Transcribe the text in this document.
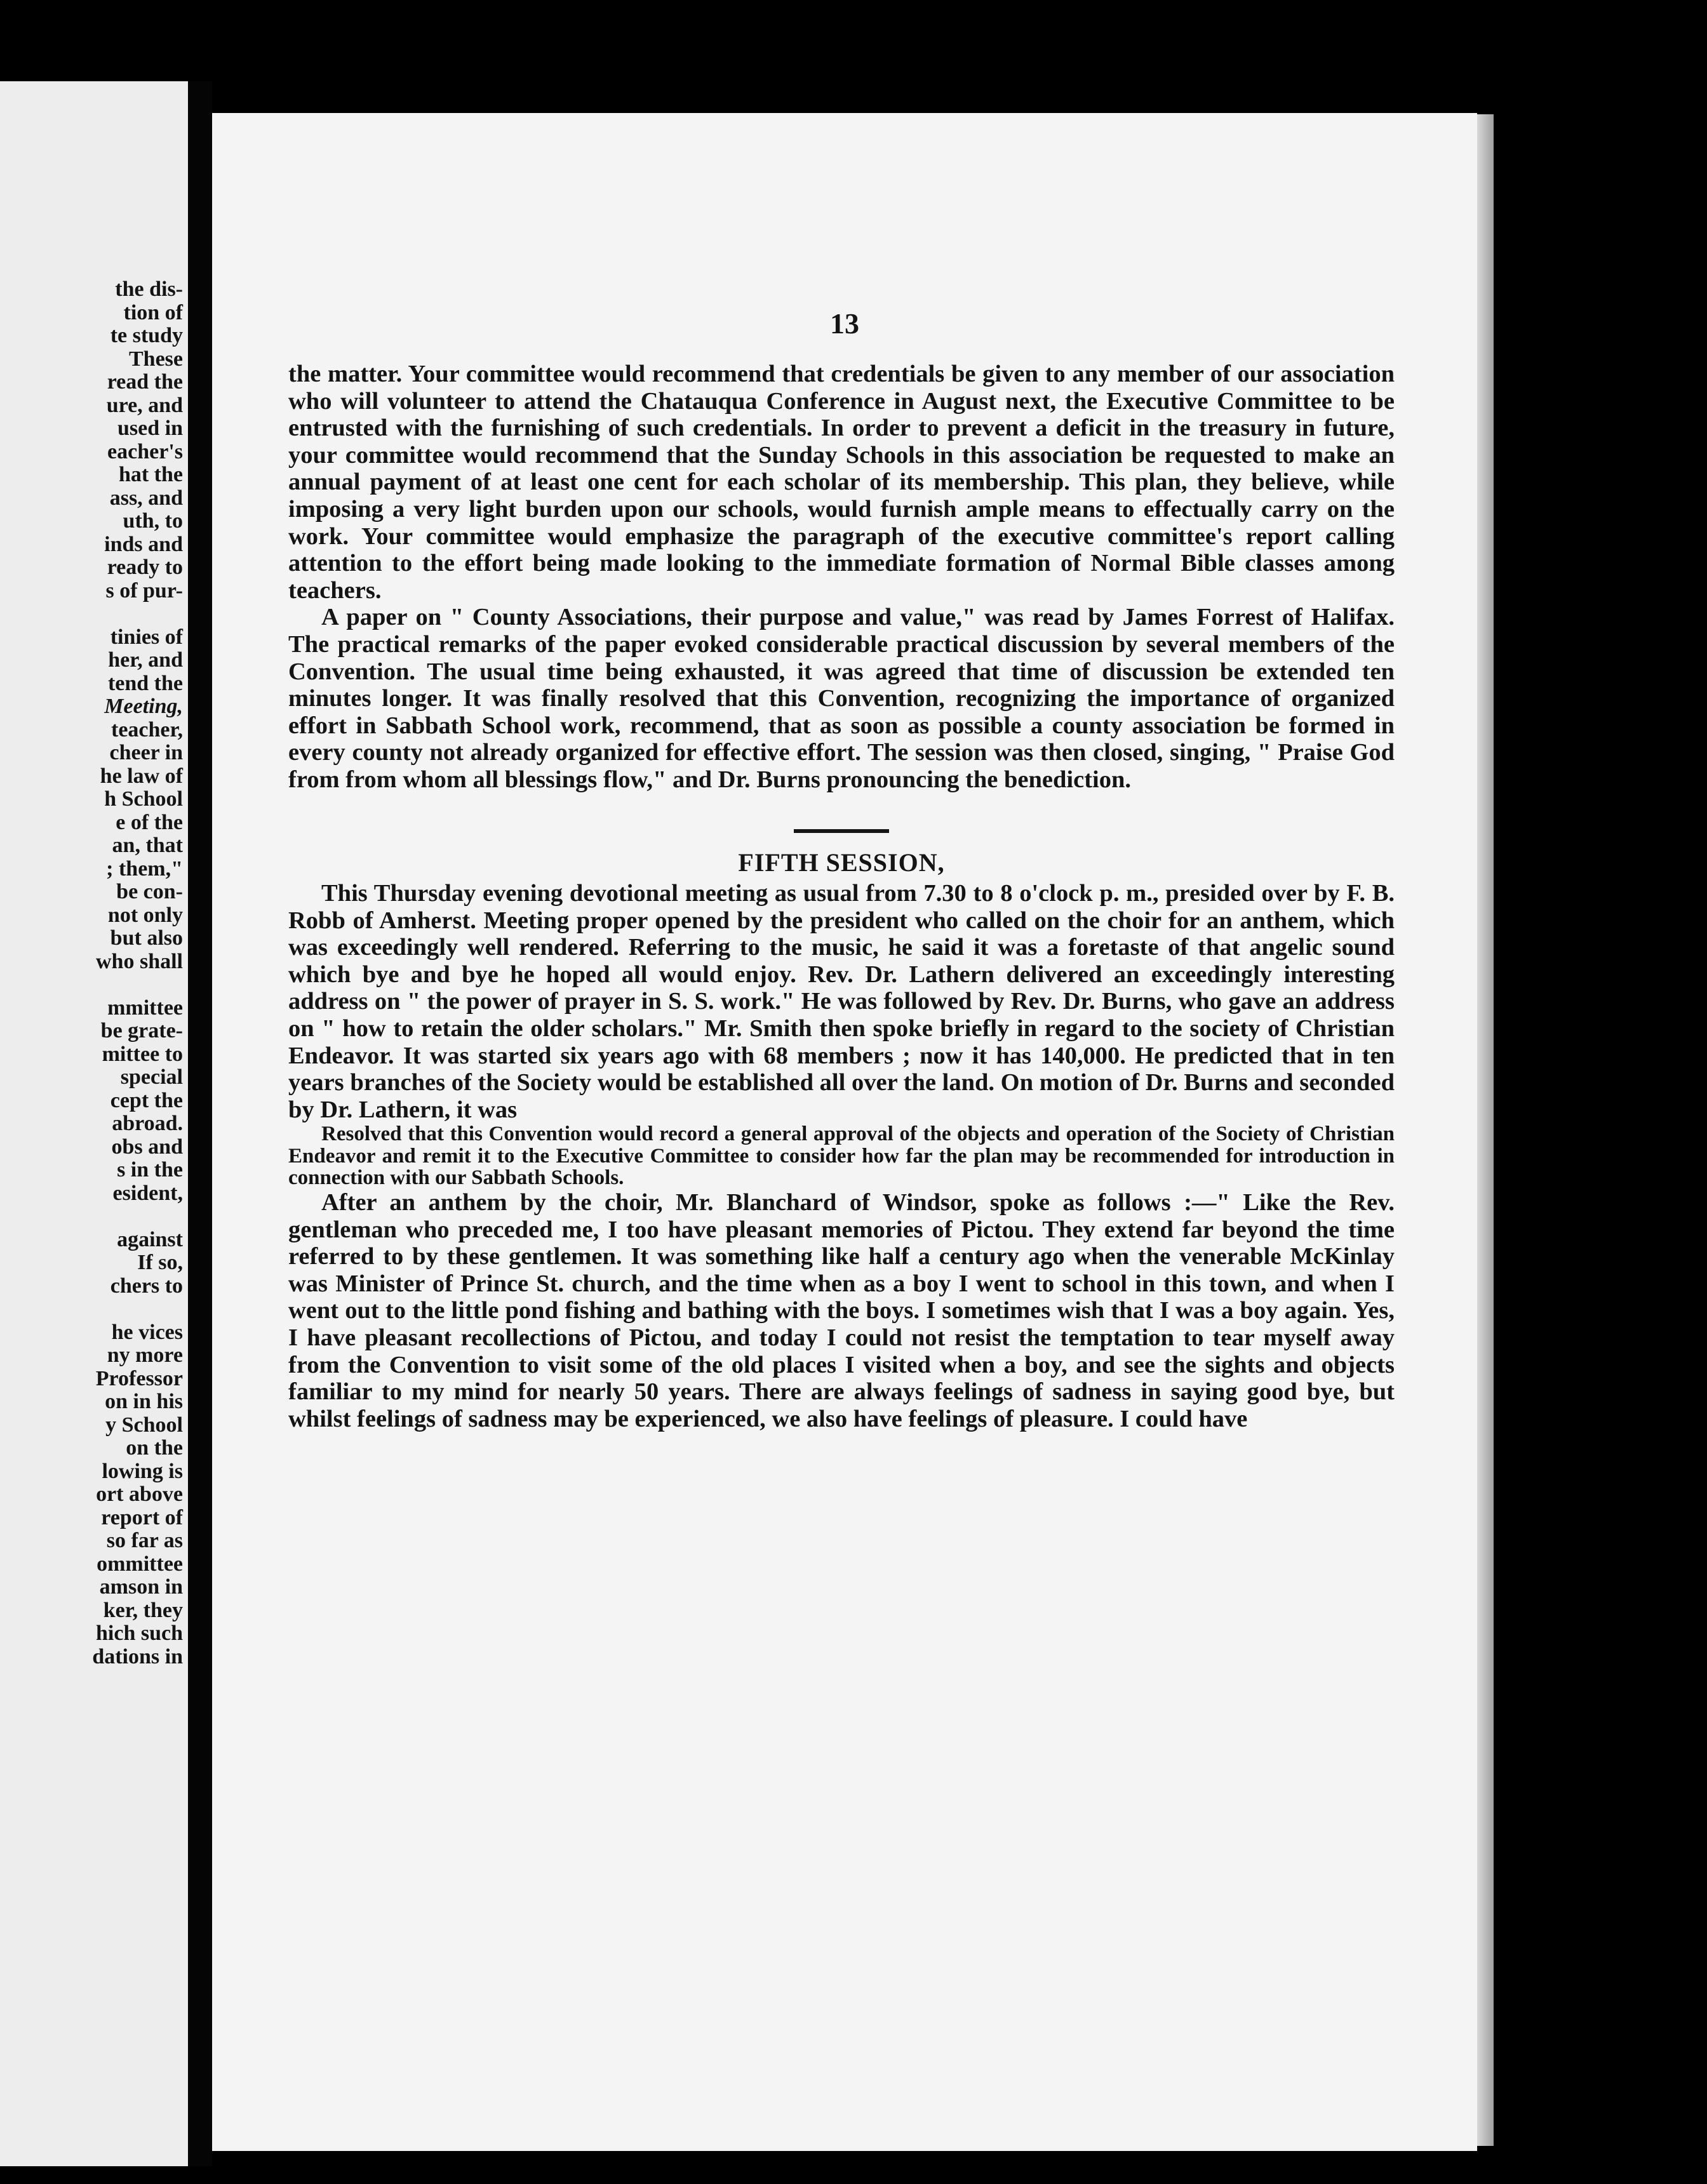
the dis-
tion of
te study
These
read the
ure, and
used in
eacher's
hat the
ass, and
uth, to
inds and
ready to
s of pur-
tinies of
her, and
tend the
Meeting,
teacher,
cheer in
he law of
h School
e of the
an, that
; them,"
be con-
not only
but also
who shall
mmittee
be grate-
mittee to
special
cept the
abroad.
obs and
s in the
esident,
against
If so,
chers to
he vices
ny more
Professor
on in his
y School
on the
lowing is
ort above
report of
so far as
ommittee
amson in
ker, they
hich such
dations in
13

the matter. Your committee would recommend that credentials be given to any member of our association who will volunteer to attend the Chatauqua Conference in August next, the Executive Committee to be entrusted with the furnishing of such credentials. In order to prevent a deficit in the treasury in future, your committee would recommend that the Sunday Schools in this association be requested to make an annual payment of at least one cent for each scholar of its membership. This plan, they believe, while imposing a very light burden upon our schools, would furnish ample means to effectually carry on the work. Your committee would emphasize the paragraph of the executive committee's report calling attention to the effort being made looking to the immediate formation of Normal Bible classes among teachers.

A paper on " County Associations, their purpose and value," was read by James Forrest of Halifax. The practical remarks of the paper evoked considerable practical discussion by several members of the Convention. The usual time being exhausted, it was agreed that time of discussion be extended ten minutes longer. It was finally resolved that this Convention, recognizing the importance of organized effort in Sabbath School work, recommend, that as soon as possible a county association be formed in every county not already organized for effective effort. The session was then closed, singing, " Praise God from from whom all blessings flow," and Dr. Burns pronouncing the benediction.

FIFTH SESSION,

This Thursday evening devotional meeting as usual from 7.30 to 8 o'clock p. m., presided over by F. B. Robb of Amherst. Meeting proper opened by the president who called on the choir for an anthem, which was exceedingly well rendered. Referring to the music, he said it was a foretaste of that angelic sound which bye and bye he hoped all would enjoy. Rev. Dr. Lathern delivered an exceedingly interesting address on " the power of prayer in S. S. work." He was followed by Rev. Dr. Burns, who gave an address on " how to retain the older scholars." Mr. Smith then spoke briefly in regard to the society of Christian Endeavor. It was started six years ago with 68 members ; now it has 140,000. He predicted that in ten years branches of the Society would be established all over the land. On motion of Dr. Burns and seconded by Dr. Lathern, it was

Resolved that this Convention would record a general approval of the objects and operation of the Society of Christian Endeavor and remit it to the Executive Committee to consider how far the plan may be recommended for introduction in connection with our Sabbath Schools.

After an anthem by the choir, Mr. Blanchard of Windsor, spoke as follows :—" Like the Rev. gentleman who preceded me, I too have pleasant memories of Pictou. They extend far beyond the time referred to by these gentlemen. It was something like half a century ago when the venerable McKinlay was Minister of Prince St. church, and the time when as a boy I went to school in this town, and when I went out to the little pond fishing and bathing with the boys. I sometimes wish that I was a boy again. Yes, I have pleasant recollections of Pictou, and today I could not resist the temptation to tear myself away from the Convention to visit some of the old places I visited when a boy, and see the sights and objects familiar to my mind for nearly 50 years. There are always feelings of sadness in saying good bye, but whilst feelings of sadness may be experienced, we also have feelings of pleasure. I could have
